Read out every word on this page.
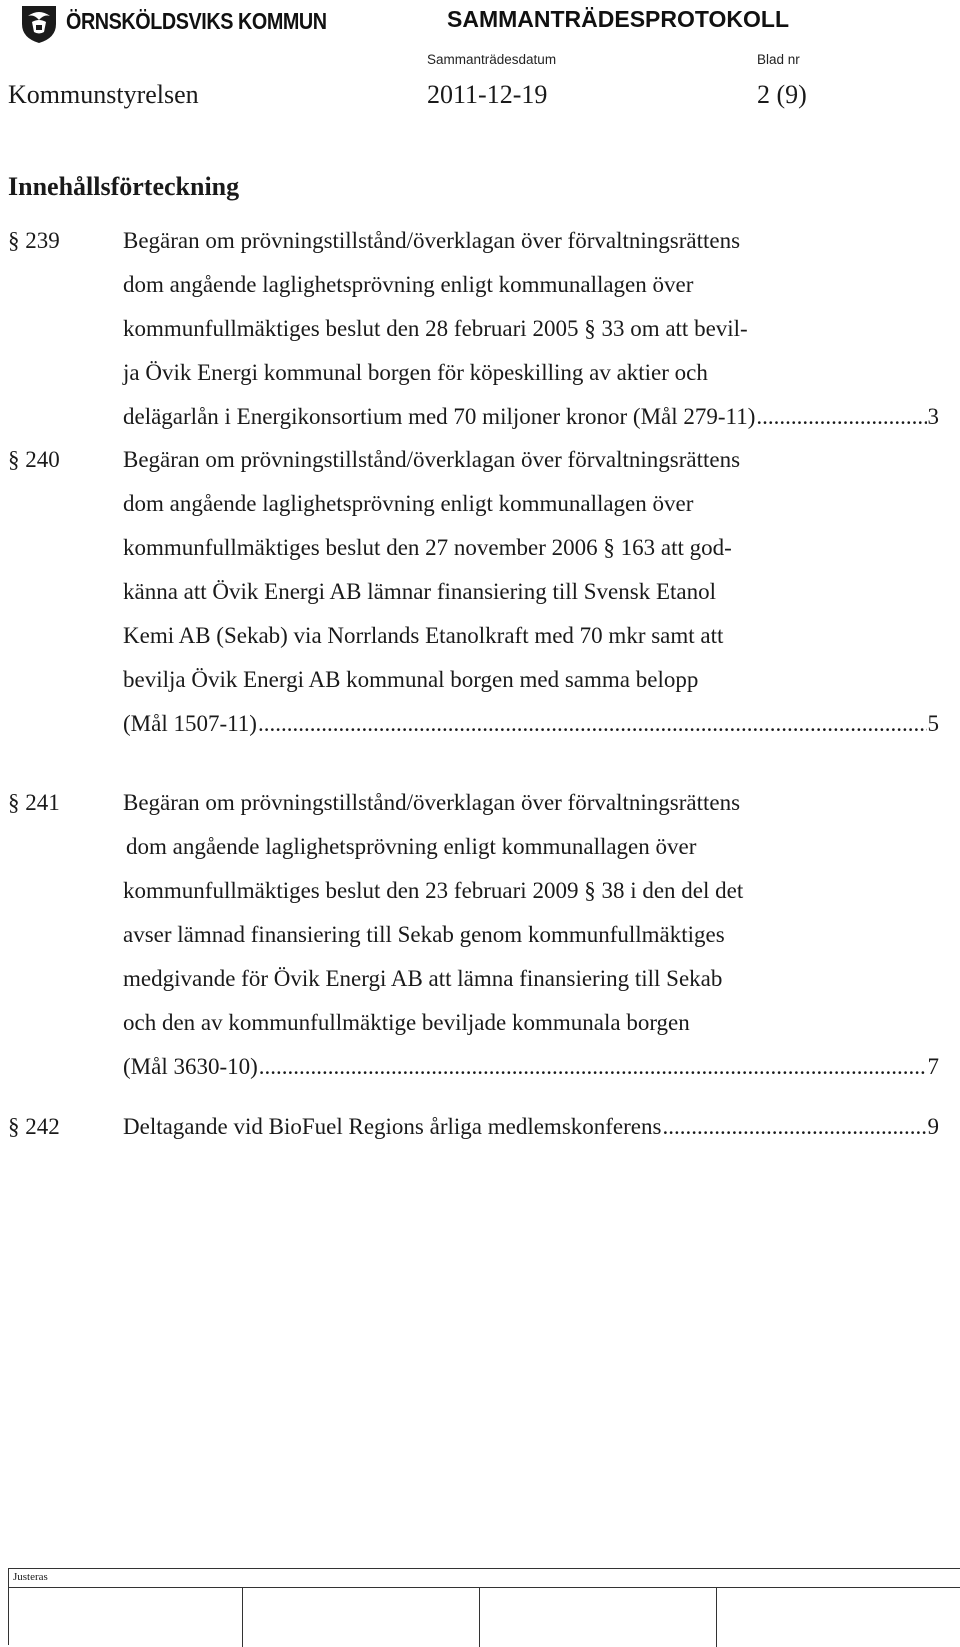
ÖRNSKÖLDSVIKS KOMMUN	SAMMANTRÄDESPROTOKOLL
Sammanträdesdatum	Blad nr
Kommunstyrelsen	2011-12-19	2 (9)
Innehållsförteckning
§ 239	Begäran om prövningstillstånd/överklagan över förvaltningsrättens
dom angående laglighetsprövning enligt kommunallagen över
kommunfullmäktiges beslut den 28 februari 2005 § 33 om att bevil-
ja Övik Energi kommunal borgen för köpeskilling av aktier och
delägarlån i Energikonsortium med 70 miljoner kronor (Mål 279-11) .....	3
§ 240	Begäran om prövningstillstånd/överklagan över förvaltningsrättens
dom angående laglighetsprövning enligt kommunallagen över
kommunfullmäktiges beslut den 27 november 2006 § 163 att god-
känna att Övik Energi AB lämnar finansiering till Svensk Etanol
Kemi AB (Sekab) via Norrlands Etanolkraft med 70 mkr samt att
bevilja Övik Energi AB kommunal borgen med samma belopp
(Mål 1507-11) .....	5
§ 241	Begäran om prövningstillstånd/överklagan över förvaltningsrättens
dom angående laglighetsprövning enligt kommunallagen över
kommunfullmäktiges beslut den 23 februari 2009 § 38 i den del det
avser lämnad finansiering till Sekab genom kommunfullmäktiges
medgivande för Övik Energi AB att lämna finansiering till Sekab
och den av kommunfullmäktige beviljade kommunala borgen
(Mål 3630-10) .....	7
§ 242	Deltagande vid BioFuel Regions årliga medlemskonferens .....	9
Justeras
